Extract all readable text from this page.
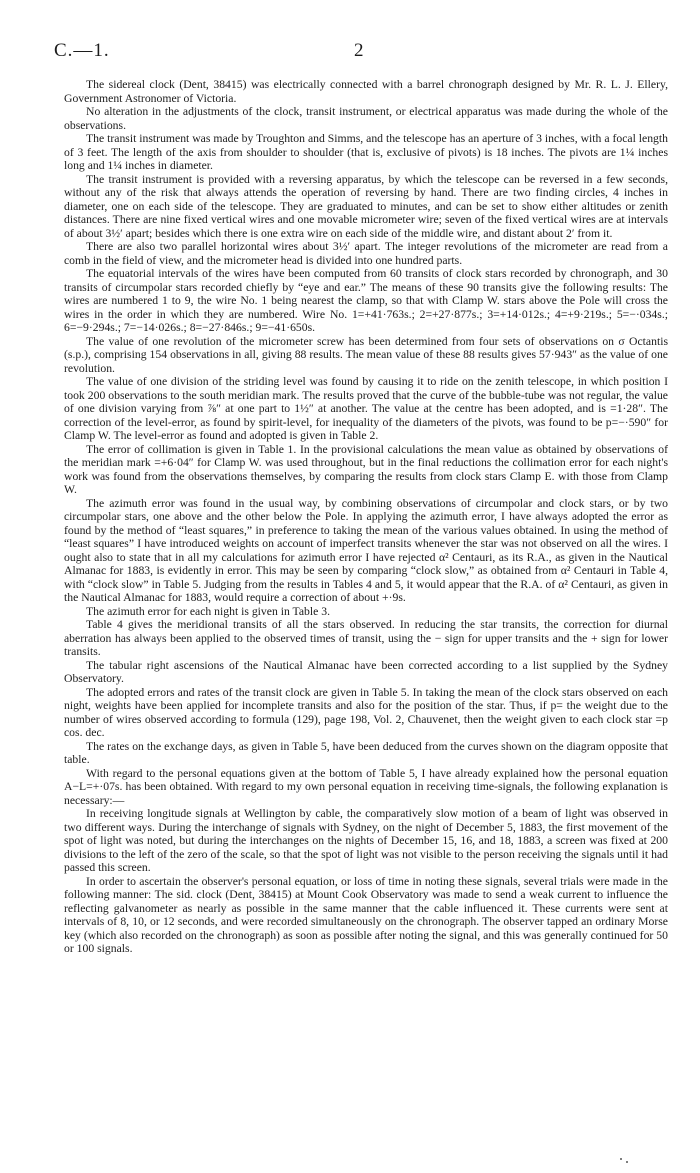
C.—1.	2

The sidereal clock (Dent, 38415) was electrically connected with a barrel chronograph designed by Mr. R. L. J. Ellery, Government Astronomer of Victoria.

No alteration in the adjustments of the clock, transit instrument, or electrical apparatus was made during the whole of the observations.

The transit instrument was made by Troughton and Simms, and the telescope has an aperture of 3 inches, with a focal length of 3 feet. The length of the axis from shoulder to shoulder (that is, exclusive of pivots) is 18 inches. The pivots are 1¼ inches long and 1¼ inches in diameter.

The transit instrument is provided with a reversing apparatus, by which the telescope can be reversed in a few seconds, without any of the risk that always attends the operation of reversing by hand. There are two finding circles, 4 inches in diameter, one on each side of the telescope. They are graduated to minutes, and can be set to show either altitudes or zenith distances. There are nine fixed vertical wires and one movable micrometer wire; seven of the fixed vertical wires are at intervals of about 3½′ apart; besides which there is one extra wire on each side of the middle wire, and distant about 2′ from it.

There are also two parallel horizontal wires about 3½′ apart. The integer revolutions of the micrometer are read from a comb in the field of view, and the micrometer head is divided into one hundred parts.

The equatorial intervals of the wires have been computed from 60 transits of clock stars recorded by chronograph, and 30 transits of circumpolar stars recorded chiefly by “eye and ear.” The means of these 90 transits give the following results: The wires are numbered 1 to 9, the wire No. 1 being nearest the clamp, so that with Clamp W. stars above the Pole will cross the wires in the order in which they are numbered. Wire No. 1=+41·763s.; 2=+27·877s.; 3=+14·012s.; 4=+9·219s.; 5=−·034s.; 6=−9·294s.; 7=−14·026s.; 8=−27·846s.; 9=−41·650s.

The value of one revolution of the micrometer screw has been determined from four sets of observations on σ Octantis (s.p.), comprising 154 observations in all, giving 88 results. The mean value of these 88 results gives 57·943″ as the value of one revolution.

The value of one division of the striding level was found by causing it to ride on the zenith telescope, in which position I took 200 observations to the south meridian mark. The results proved that the curve of the bubble-tube was not regular, the value of one division varying from ⅞″ at one part to 1½″ at another. The value at the centre has been adopted, and is =1·28″. The correction of the level-error, as found by spirit-level, for inequality of the diameters of the pivots, was found to be p=−·590″ for Clamp W. The level-error as found and adopted is given in Table 2.

The error of collimation is given in Table 1. In the provisional calculations the mean value as obtained by observations of the meridian mark =+6·04″ for Clamp W. was used throughout, but in the final reductions the collimation error for each night's work was found from the observations themselves, by comparing the results from clock stars Clamp E. with those from Clamp W.

The azimuth error was found in the usual way, by combining observations of circumpolar and clock stars, or by two circumpolar stars, one above and the other below the Pole. In applying the azimuth error, I have always adopted the error as found by the method of “least squares,” in preference to taking the mean of the various values obtained. In using the method of “least squares” I have introduced weights on account of imperfect transits whenever the star was not observed on all the wires. I ought also to state that in all my calculations for azimuth error I have rejected α² Centauri, as its R.A., as given in the Nautical Almanac for 1883, is evidently in error. This may be seen by comparing “clock slow,” as obtained from α² Centauri in Table 4, with “clock slow” in Table 5. Judging from the results in Tables 4 and 5, it would appear that the R.A. of α² Centauri, as given in the Nautical Almanac for 1883, would require a correction of about +·9s.

The azimuth error for each night is given in Table 3.

Table 4 gives the meridional transits of all the stars observed. In reducing the star transits, the correction for diurnal aberration has always been applied to the observed times of transit, using the − sign for upper transits and the + sign for lower transits.

The tabular right ascensions of the Nautical Almanac have been corrected according to a list supplied by the Sydney Observatory.

The adopted errors and rates of the transit clock are given in Table 5. In taking the mean of the clock stars observed on each night, weights have been applied for incomplete transits and also for the position of the star. Thus, if p= the weight due to the number of wires observed according to formula (129), page 198, Vol. 2, Chauvenet, then the weight given to each clock star =p cos. dec.

The rates on the exchange days, as given in Table 5, have been deduced from the curves shown on the diagram opposite that table.

With regard to the personal equations given at the bottom of Table 5, I have already explained how the personal equation A−L=+·07s. has been obtained. With regard to my own personal equation in receiving time-signals, the following explanation is necessary:—

In receiving longitude signals at Wellington by cable, the comparatively slow motion of a beam of light was observed in two different ways. During the interchange of signals with Sydney, on the night of December 5, 1883, the first movement of the spot of light was noted, but during the interchanges on the nights of December 15, 16, and 18, 1883, a screen was fixed at 200 divisions to the left of the zero of the scale, so that the spot of light was not visible to the person receiving the signals until it had passed this screen.

In order to ascertain the observer's personal equation, or loss of time in noting these signals, several trials were made in the following manner: The sid. clock (Dent, 38415) at Mount Cook Observatory was made to send a weak current to influence the reflecting galvanometer as nearly as possible in the same manner that the cable influenced it. These currents were sent at intervals of 8, 10, or 12 seconds, and were recorded simultaneously on the chronograph. The observer tapped an ordinary Morse key (which also recorded on the chronograph) as soon as possible after noting the signal, and this was generally continued for 50 or 100 signals.
